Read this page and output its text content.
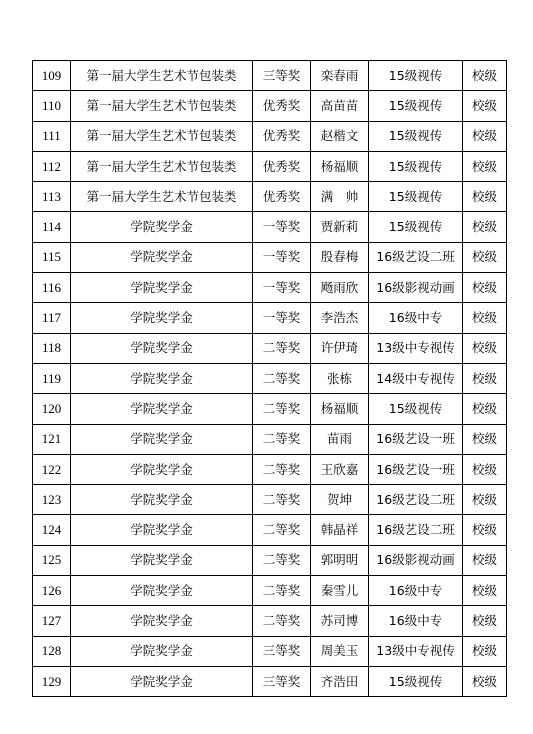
109	第一届大学生艺术节包装类	三等奖	栾春雨	15级视传	校级
110	第一届大学生艺术节包装类	优秀奖	高苗苗	15级视传	校级
111	第一届大学生艺术节包装类	优秀奖	赵楷文	15级视传	校级
112	第一届大学生艺术节包装类	优秀奖	杨福顺	15级视传	校级
113	第一届大学生艺术节包装类	优秀奖	满　帅	15级视传	校级
114	学院奖学金	一等奖	贾新莉	15级视传	校级
115	学院奖学金	一等奖	殷春梅	16级艺设二班	校级
116	学院奖学金	一等奖	飏雨欣	16级影视动画	校级
117	学院奖学金	一等奖	李浩杰	16级中专	校级
118	学院奖学金	二等奖	许伊琦	13级中专视传	校级
119	学院奖学金	二等奖	张栋	14级中专视传	校级
120	学院奖学金	二等奖	杨福顺	15级视传	校级
121	学院奖学金	二等奖	苗雨	16级艺设一班	校级
122	学院奖学金	二等奖	王欣嘉	16级艺设一班	校级
123	学院奖学金	二等奖	贺坤	16级艺设二班	校级
124	学院奖学金	二等奖	韩晶祥	16级艺设二班	校级
125	学院奖学金	二等奖	郭明明	16级影视动画	校级
126	学院奖学金	二等奖	秦雪儿	16级中专	校级
127	学院奖学金	二等奖	苏司博	16级中专	校级
128	学院奖学金	三等奖	周美玉	13级中专视传	校级
129	学院奖学金	三等奖	齐浩田	15级视传	校级
